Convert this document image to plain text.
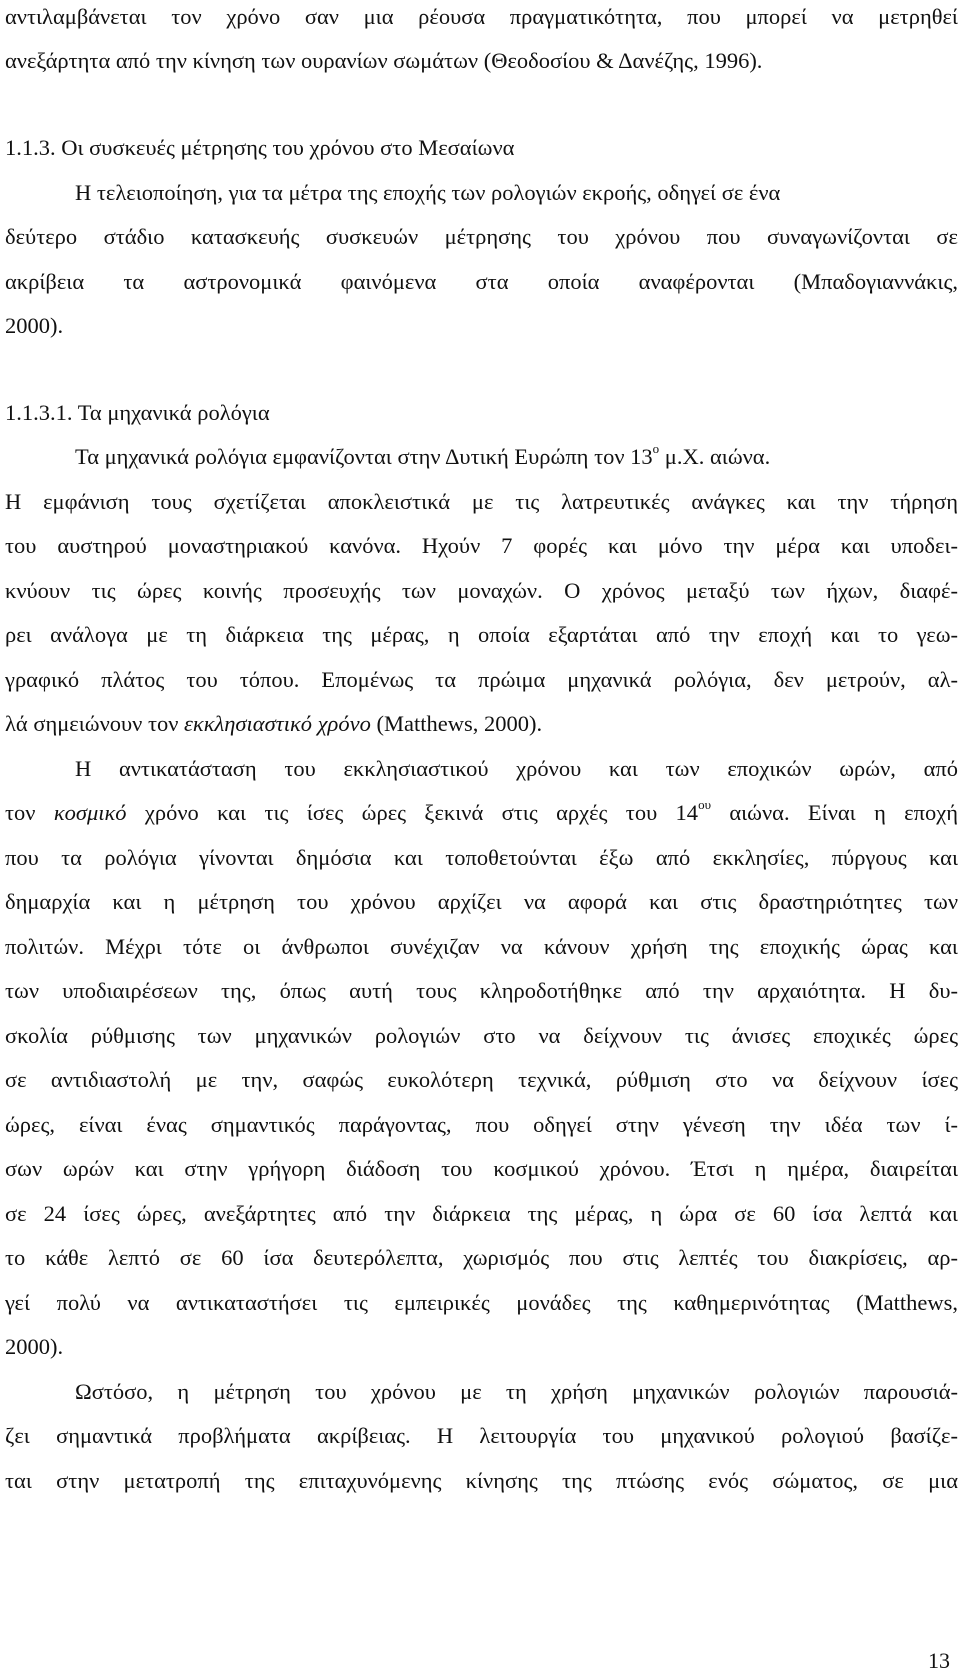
αντιλαμβάνεται τον χρόνο σαν μια ρέουσα πραγματικότητα, που μπορεί να μετρηθεί
ανεξάρτητα από την κίνηση των ουρανίων σωμάτων (Θεοδοσίου & Δανέζης, 1996).
1.1.3. Οι συσκευές μέτρησης του χρόνου στο Μεσαίωνα
Η τελειοποίηση, για τα μέτρα της εποχής των ρολογιών εκροής, οδηγεί σε ένα
δεύτερο στάδιο κατασκευής συσκευών μέτρησης του χρόνου που συναγωνίζονται σε
ακρίβεια τα αστρονομικά φαινόμενα στα οποία αναφέρονται (Μπαδογιαννάκις,
2000).
1.1.3.1. Τα μηχανικά ρολόγια
Τα μηχανικά ρολόγια εμφανίζονται στην Δυτική Ευρώπη τον $13^o$ μ.Χ. αιώνα.
Η εμφάνιση τους σχετίζεται αποκλειστικά με τις λατρευτικές ανάγκες και την τήρηση
του αυστηρού μοναστηριακού κανόνα. Ηχούν 7 φορές και μόνο την μέρα και υποδει-
κνύουν τις ώρες κοινής προσευχής των μοναχών. Ο χρόνος μεταξύ των ήχων, διαφέ-
ρει ανάλογα με τη διάρκεια της μέρας, η οποία εξαρτάται από την εποχή και το γεω-
γραφικό πλάτος του τόπου. Επομένως τα πρώιμα μηχανικά ρολόγια, δεν μετρούν, αλ-
λά σημειώνουν τον εκκλησιαστικό χρόνο (Matthews, 2000).
Η αντικατάσταση του εκκλησιαστικού χρόνου και των εποχικών ωρών, από
τον κοσμικό χρόνο και τις ίσες ώρες ξεκινά στις αρχές του $14^{o\upsilon}$ αιώνα. Είναι η εποχή
που τα ρολόγια γίνονται δημόσια και τοποθετούνται έξω από εκκλησίες, πύργους και
δημαρχία και η μέτρηση του χρόνου αρχίζει να αφορά και στις δραστηριότητες των
πολιτών. Μέχρι τότε οι άνθρωποι συνέχιζαν να κάνουν χρήση της εποχικής ώρας και
των υποδιαιρέσεων της, όπως αυτή τους κληροδοτήθηκε από την αρχαιότητα. Η δυ-
σκολία ρύθμισης των μηχανικών ρολογιών στο να δείχνουν τις άνισες εποχικές ώρες
σε αντιδιαστολή με την, σαφώς ευκολότερη τεχνικά, ρύθμιση στο να δείχνουν ίσες
ώρες, είναι ένας σημαντικός παράγοντας, που οδηγεί στην γένεση την ιδέα των ί-
σων ωρών και στην γρήγορη διάδοση του κοσμικού χρόνου. Έτσι η ημέρα, διαιρείται
σε 24 ίσες ώρες, ανεξάρτητες από την διάρκεια της μέρας, η ώρα σε 60 ίσα λεπτά και
το κάθε λεπτό σε 60 ίσα δευτερόλεπτα, χωρισμός που στις λεπτές του διακρίσεις, αρ-
γεί πολύ να αντικαταστήσει τις εμπειρικές μονάδες της καθημερινότητας (Matthews,
2000).
Ωστόσο, η μέτρηση του χρόνου με τη χρήση μηχανικών ρολογιών παρουσιά-
ζει σημαντικά προβλήματα ακρίβειας. Η λειτουργία του μηχανικού ρολογιού βασίζε-
ται στην μετατροπή της επιταχυνόμενης κίνησης της πτώσης ενός σώματος, σε μια
13
